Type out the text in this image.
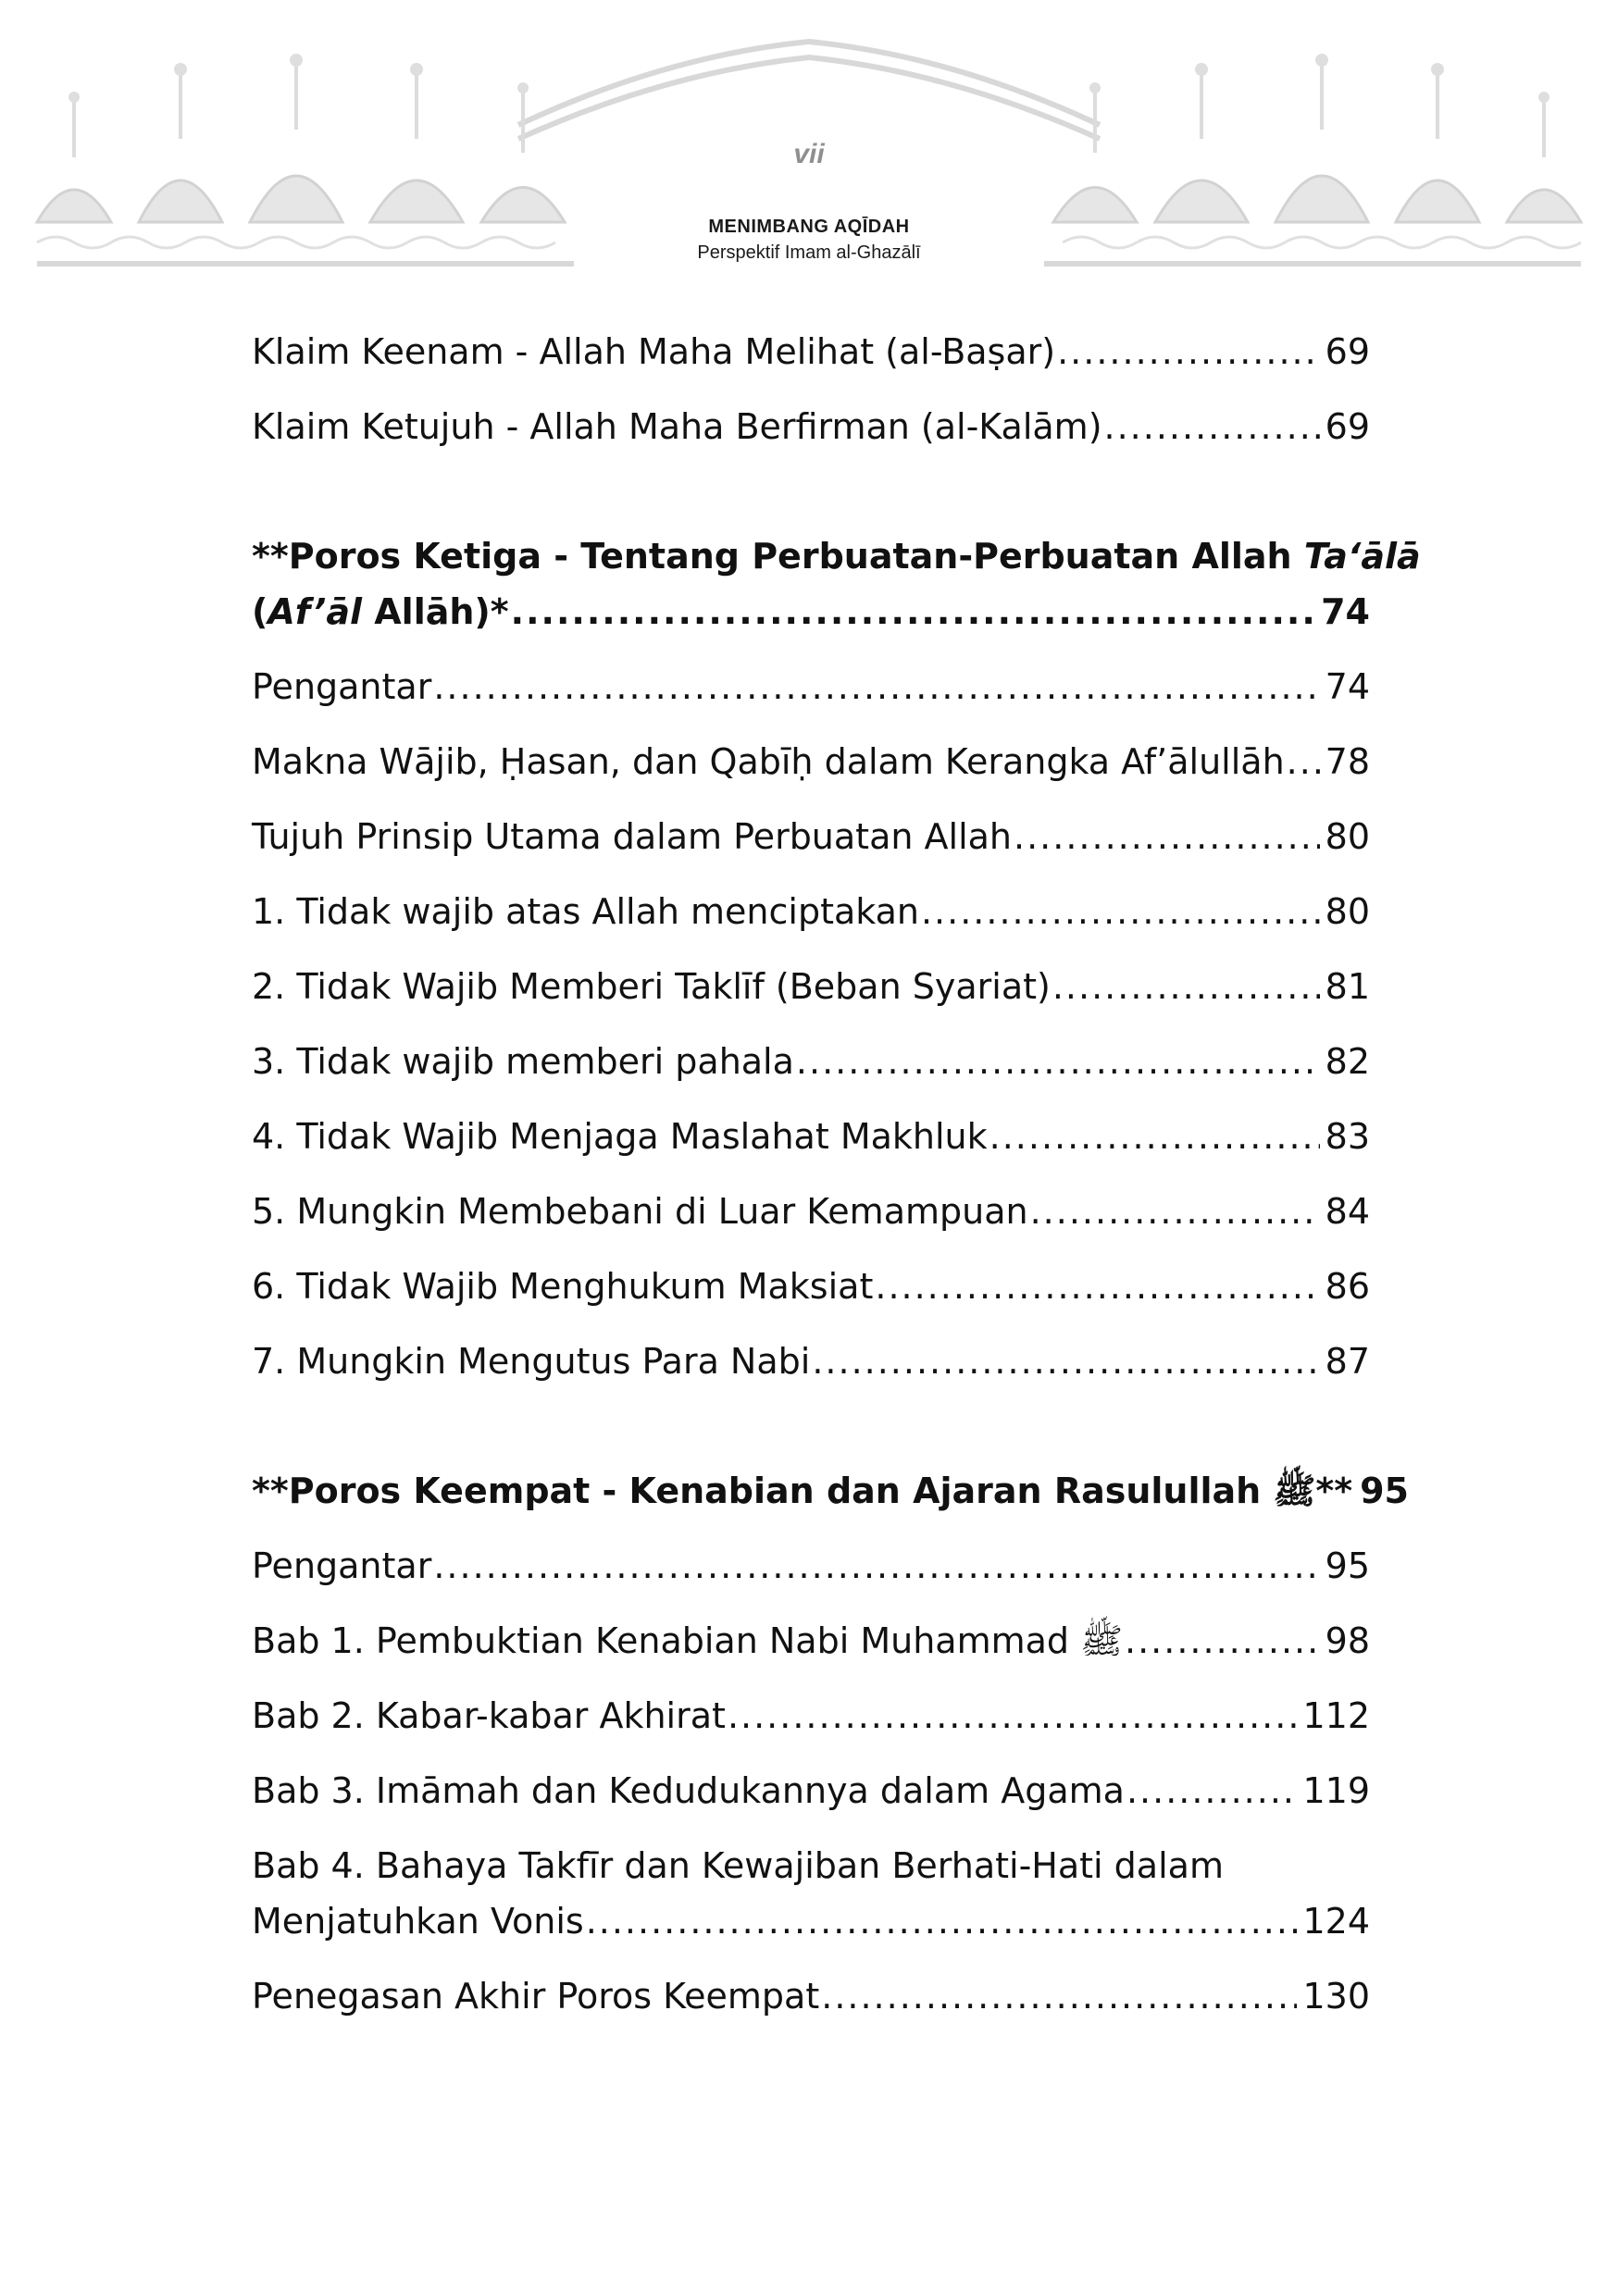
vii
MENIMBANG AQĪDAH
Perspektif Imam al-Ghazālī
Klaim Keenam - Allah Maha Melihat (al-Baṣar) .....	69
Klaim Ketujuh - Allah Maha Berfirman (al-Kalām) .....	69
**Poros Ketiga - Tentang Perbuatan-Perbuatan Allah Ta‘ālā
(Af’āl Allāh)* .....	74
Pengantar .....	74
Makna Wājib, Ḥasan, dan Qabīḥ dalam Kerangka Af’ālullāh ..... 78
Tujuh Prinsip Utama dalam Perbuatan Allah .....	80
1. Tidak wajib atas Allah menciptakan .....	80
2. Tidak Wajib Memberi Taklīf (Beban Syariat) .....	81
3. Tidak wajib memberi pahala .....	82
4. Tidak Wajib Menjaga Maslahat Makhluk .....	83
5. Mungkin Membebani di Luar Kemampuan .....	84
6. Tidak Wajib Menghukum Maksiat .....	86
7. Mungkin Mengutus Para Nabi .....	87
**Poros Keempat - Kenabian dan Ajaran Rasulullah ﷺ** 95
Pengantar .....	95
Bab 1. Pembuktian Kenabian Nabi Muhammad ﷺ .....	98
Bab 2. Kabar-kabar Akhirat .....	112
Bab 3. Imāmah dan Kedudukannya dalam Agama .....	119
Bab 4. Bahaya Takfīr dan Kewajiban Berhati-Hati dalam
Menjatuhkan Vonis .....	124
Penegasan Akhir Poros Keempat .....	130
